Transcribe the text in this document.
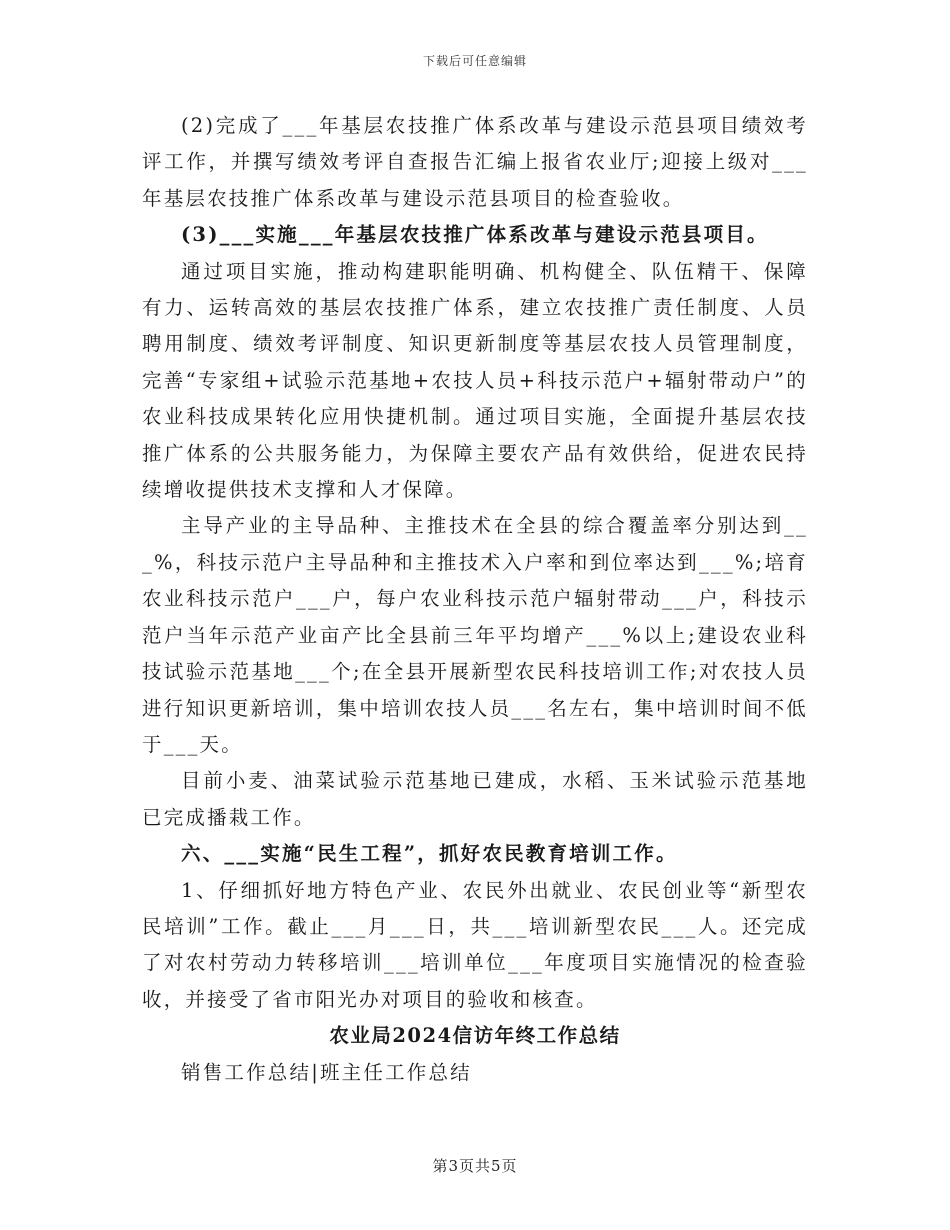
下载后可任意编辑

(2)完成了___年基层农技推广体系改革与建设示范县项目绩效考评工作，并撰写绩效考评自查报告汇编上报省农业厅;迎接上级对___年基层农技推广体系改革与建设示范县项目的检查验收。

(3)___实施___年基层农技推广体系改革与建设示范县项目。

通过项目实施，推动构建职能明确、机构健全、队伍精干、保障有力、运转高效的基层农技推广体系，建立农技推广责任制度、人员聘用制度、绩效考评制度、知识更新制度等基层农技人员管理制度，完善“专家组+试验示范基地+农技人员+科技示范户+辐射带动户”的农业科技成果转化应用快捷机制。通过项目实施，全面提升基层农技推广体系的公共服务能力，为保障主要农产品有效供给，促进农民持续增收提供技术支撑和人才保障。

主导产业的主导品种、主推技术在全县的综合覆盖率分别达到___%，科技示范户主导品种和主推技术入户率和到位率达到___%;培育农业科技示范户___户，每户农业科技示范户辐射带动___户，科技示范户当年示范产业亩产比全县前三年平均增产___%以上;建设农业科技试验示范基地___个;在全县开展新型农民科技培训工作;对农技人员进行知识更新培训，集中培训农技人员___名左右，集中培训时间不低于___天。

目前小麦、油菜试验示范基地已建成，水稻、玉米试验示范基地已完成播栽工作。

六、___实施“民生工程”，抓好农民教育培训工作。

1、仔细抓好地方特色产业、农民外出就业、农民创业等“新型农民培训”工作。截止___月___日，共___培训新型农民___人。还完成了对农村劳动力转移培训___培训单位___年度项目实施情况的检查验收，并接受了省市阳光办对项目的验收和核查。

农业局2024信访年终工作总结

销售工作总结|班主任工作总结

第3页共5页
